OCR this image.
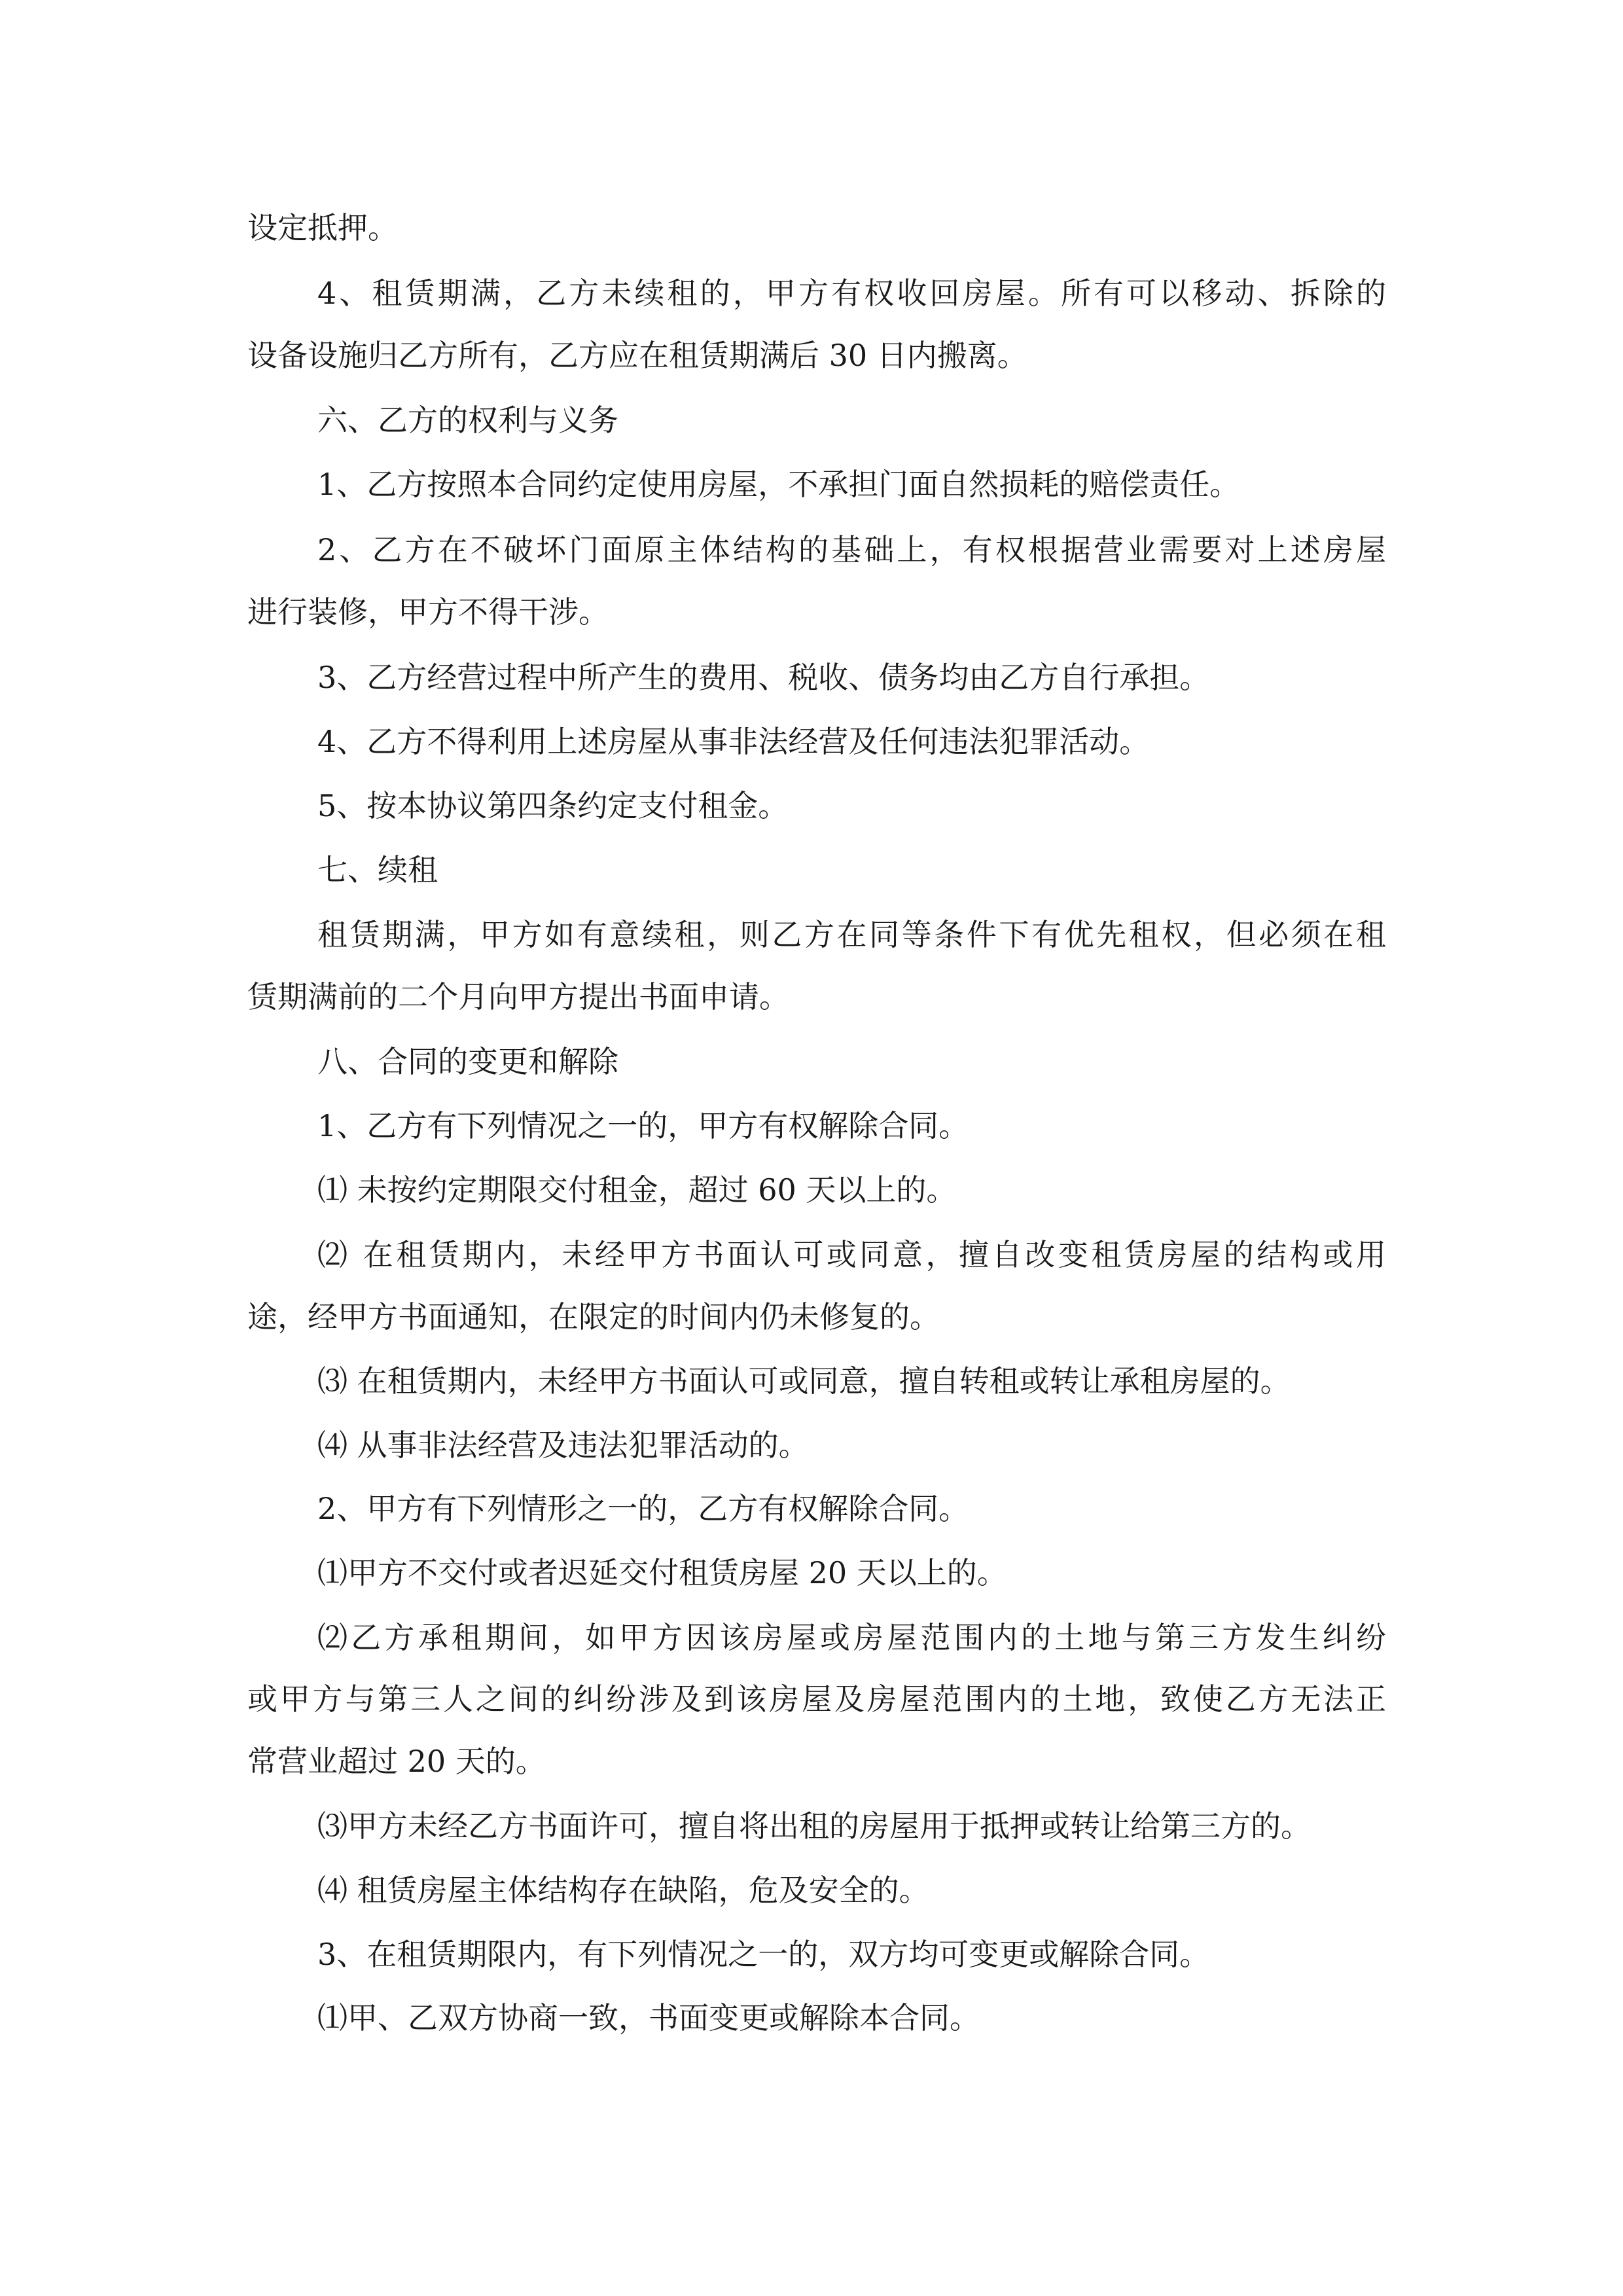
设定抵押。
4、租赁期满，乙方未续租的，甲方有权收回房屋。所有可以移动、拆除的
设备设施归乙方所有，乙方应在租赁期满后 30 日内搬离。
六、乙方的权利与义务
1、乙方按照本合同约定使用房屋，不承担门面自然损耗的赔偿责任。
2、乙方在不破坏门面原主体结构的基础上，有权根据营业需要对上述房屋
进行装修，甲方不得干涉。
3、乙方经营过程中所产生的费用、税收、债务均由乙方自行承担。
4、乙方不得利用上述房屋从事非法经营及任何违法犯罪活动。
5、按本协议第四条约定支付租金。
七、续租
租赁期满，甲方如有意续租，则乙方在同等条件下有优先租权，但必须在租
赁期满前的二个月向甲方提出书面申请。
八、合同的变更和解除
1、乙方有下列情况之一的，甲方有权解除合同。
⑴ 未按约定期限交付租金，超过 60 天以上的。
⑵ 在租赁期内，未经甲方书面认可或同意，擅自改变租赁房屋的结构或用
途，经甲方书面通知，在限定的时间内仍未修复的。
⑶ 在租赁期内，未经甲方书面认可或同意，擅自转租或转让承租房屋的。
⑷ 从事非法经营及违法犯罪活动的。
2、甲方有下列情形之一的，乙方有权解除合同。
⑴甲方不交付或者迟延交付租赁房屋 20 天以上的。
⑵乙方承租期间，如甲方因该房屋或房屋范围内的土地与第三方发生纠纷
或甲方与第三人之间的纠纷涉及到该房屋及房屋范围内的土地，致使乙方无法正
常营业超过 20 天的。
⑶甲方未经乙方书面许可，擅自将出租的房屋用于抵押或转让给第三方的。
⑷ 租赁房屋主体结构存在缺陷，危及安全的。
3、在租赁期限内，有下列情况之一的，双方均可变更或解除合同。
⑴甲、乙双方协商一致，书面变更或解除本合同。
